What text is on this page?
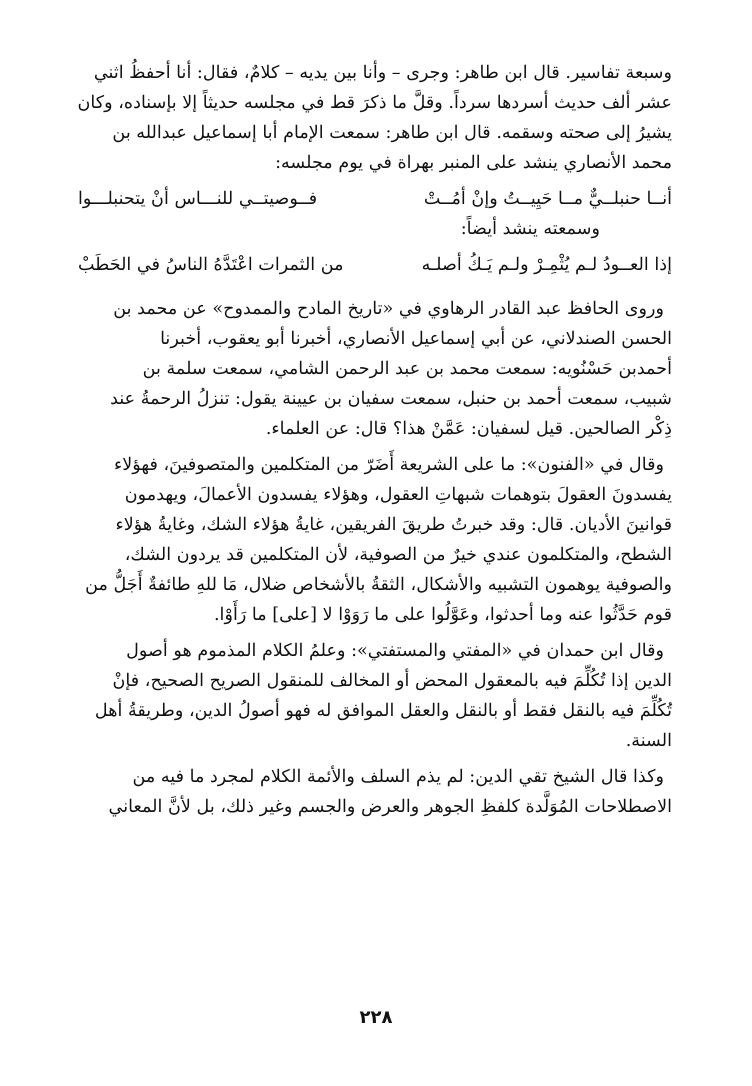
وسبعة تفاسير. قال ابن طاهر: وجرى – وأنا بين يديه – كلامٌ، فقال: أنا أحفظُ اثني
عشر ألف حديث أسردها سرداً. وقلَّ ما ذكرَ قط في مجلسه حديثاً إلا بإسناده، وكان
يشيرُ إلى صحته وسقمه. قال ابن طاهر: سمعت الإمام أبا إسماعيل عبدالله بن
محمد الأنصاري ينشد على المنبر بهراة في يوم مجلسه:
أنــا حنبلــيٌّ مــا حَيِيــتُ وإنْ أمُــتْ
فــوصيتــي للنـــاس أنْ يتحنبلـــوا
وسمعته ينشد أيضاً:
إذا العــودُ لـم يُثْمِـرْ ولـم يَـكُ أصلـه
من الثمرات اعْتَدَّهُ الناسُ في الحَطَبْ
وروى الحافظ عبد القادر الرهاوي في «تاريخ المادح والممدوح» عن محمد بن
الحسن الصندلاني، عن أبي إسماعيل الأنصاري، أخبرنا أبو يعقوب، أخبرنا
أحمدبن حَسْنُويه: سمعت محمد بن عبد الرحمن الشامي، سمعت سلمة بن
شبيب، سمعت أحمد بن حنبل، سمعت سفيان بن عيينة يقول: تنزلُ الرحمةُ عند
ذِكْر الصالحين. قيل لسفيان: عَمَّنْ هذا؟ قال: عن العلماء.
وقال في «الفنون»: ما على الشريعة أَضَرّ من المتكلمين والمتصوفينَ، فهؤلاء
يفسدونَ العقولَ بتوهمات شبهاتِ العقول، وهؤلاء يفسدون الأعمالَ، ويهدمون
قوانينَ الأديان. قال: وقد خبرتُ طريقَ الفريقين، غايةُ هؤلاء الشك، وغايةُ هؤلاء
الشطح، والمتكلمون عندي خيرٌ من الصوفية، لأن المتكلمين قد يردون الشك،
والصوفية يوهمون التشبيه والأشكال، الثقةُ بالأشخاص ضلال، مَا للهِ طائفةٌ أَجَلُّ من
قوم حَدَّثُوا عنه وما أحدثوا، وعَوَّلُوا على ما رَوَوْا لا [على] ما رَأَوْا.
وقال ابن حمدان في «المفتي والمستفتي»: وعلمُ الكلام المذموم هو أصول
الدين إذا تُكُلِّمَ فيه بالمعقول المحض أو المخالف للمنقول الصريح الصحيح، فإنْ
تُكُلِّمَ فيه بالنقل فقط أو بالنقل والعقل الموافق له فهو أصولُ الدين، وطريقةُ أهل
السنة.
وكذا قال الشيخ تقي الدين: لم يذم السلف والأئمة الكلام لمجرد ما فيه من
الاصطلاحات المُوَلَّدة كلفظِ الجوهر والعرض والجسم وغير ذلك، بل لأنَّ المعاني
٢٢٨
